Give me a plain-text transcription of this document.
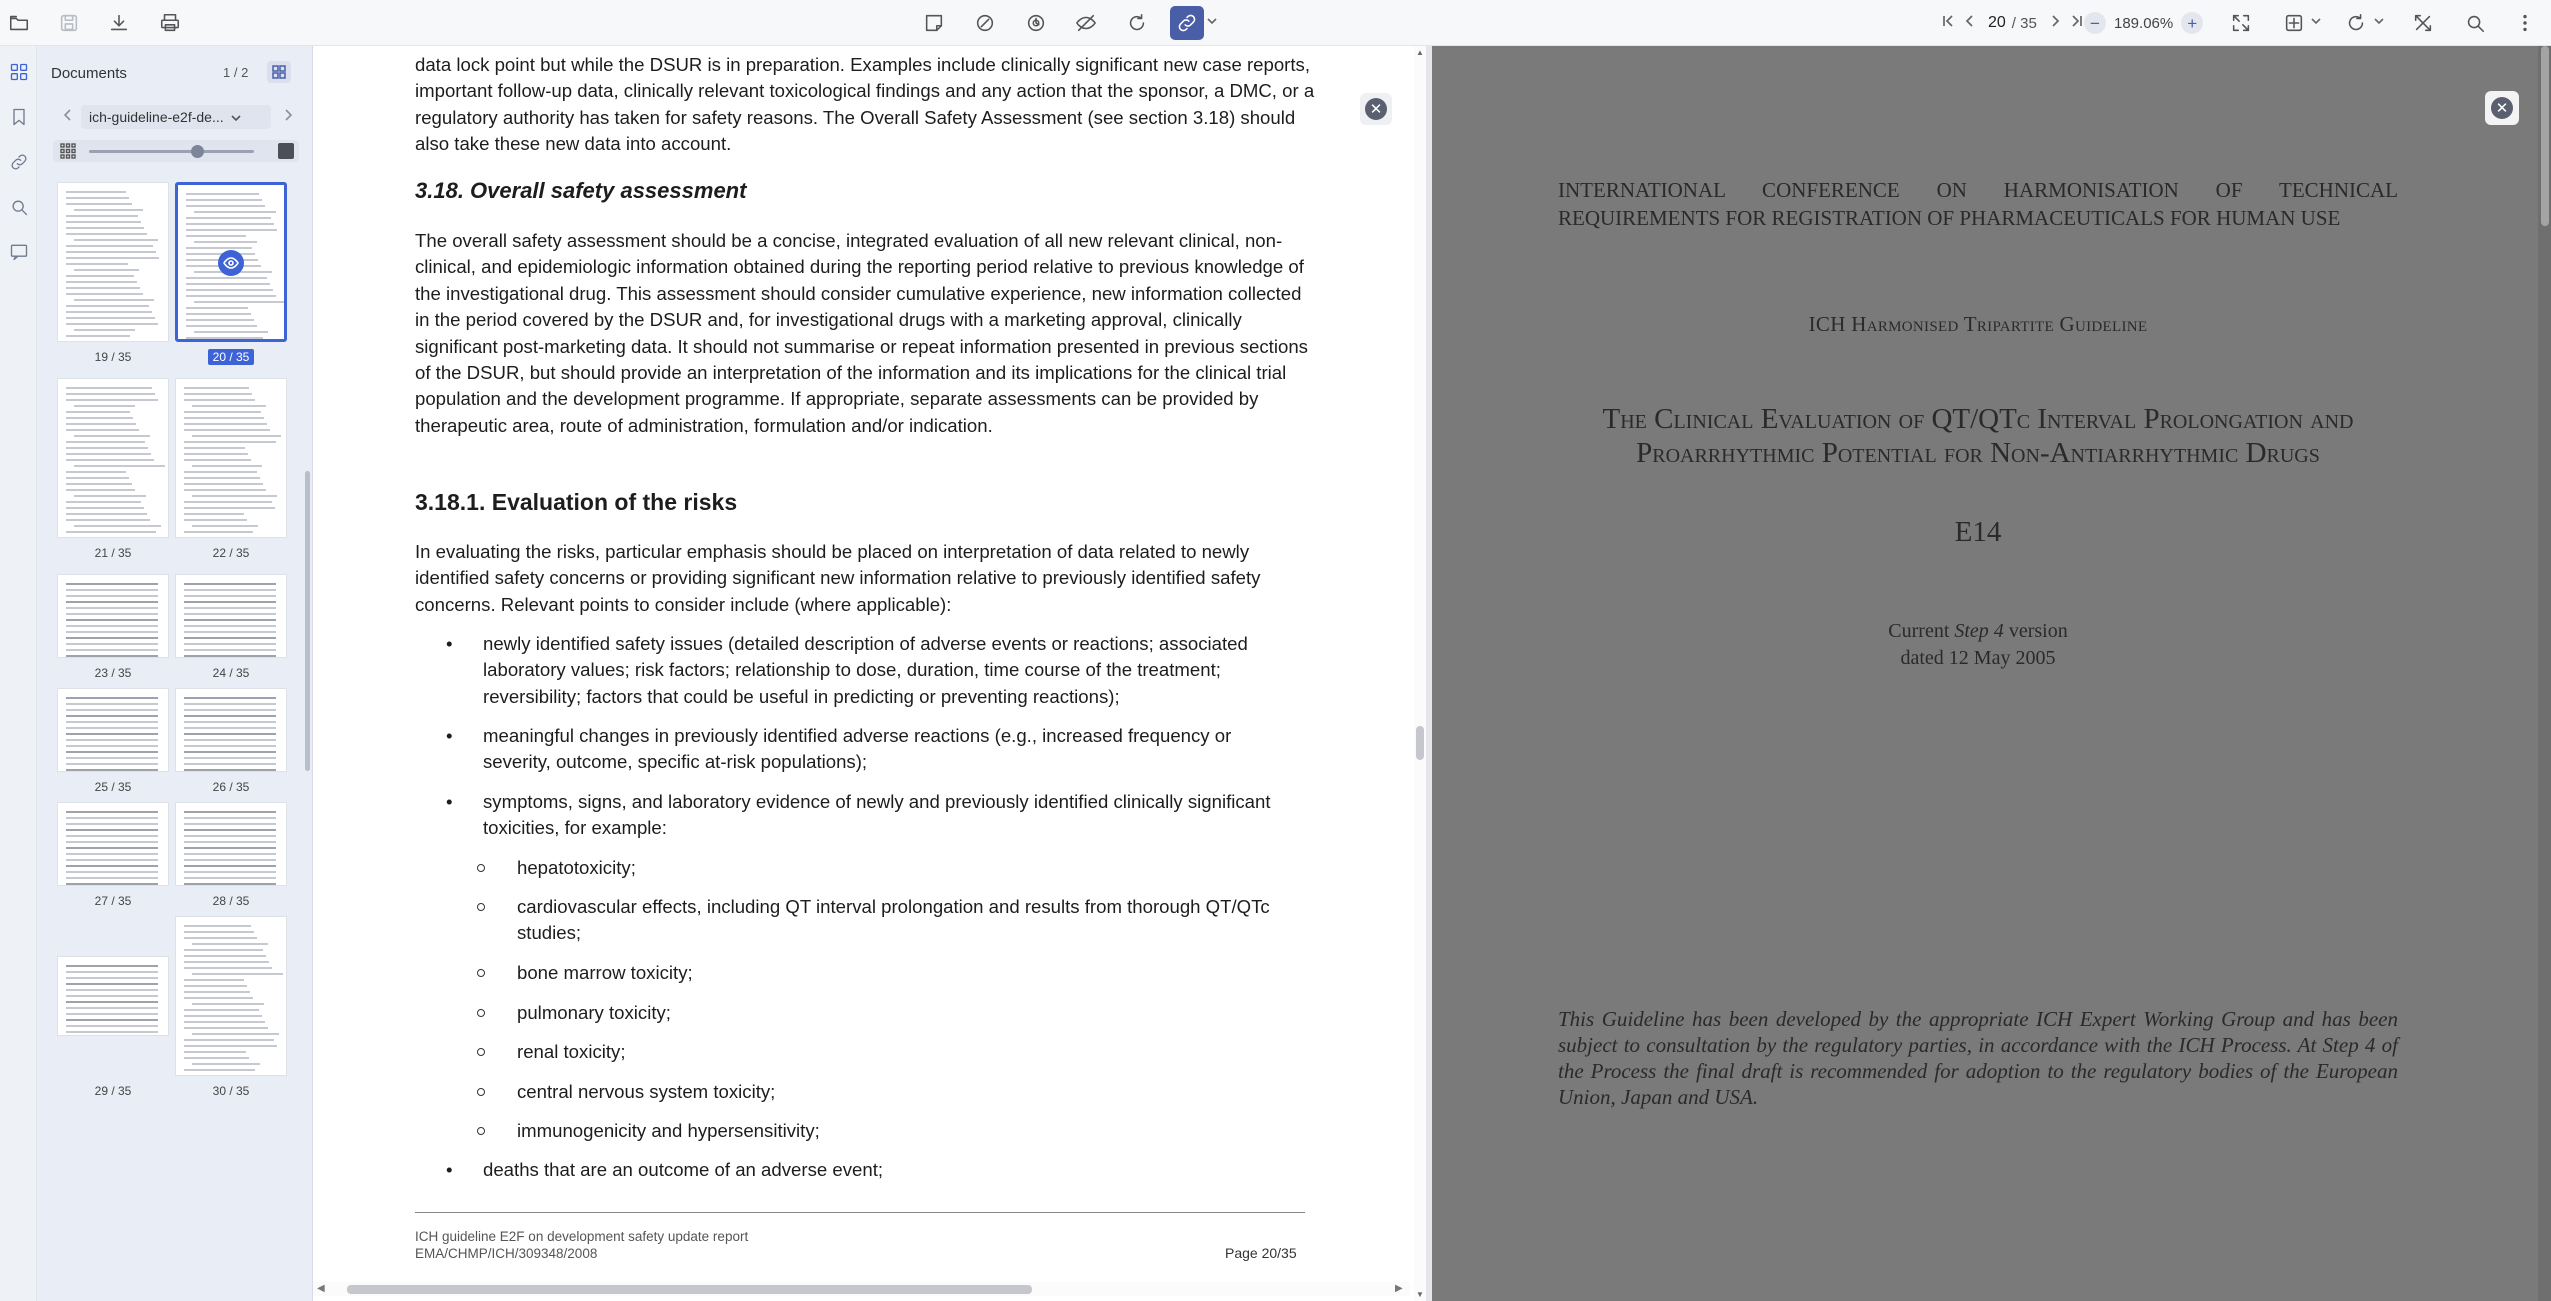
20 / 35	− 189.06% +
Documents	1 / 2
ich-guideline-e2f-de...
19 / 35	20 / 35
21 / 35	22 / 35
23 / 35	24 / 35
25 / 35	26 / 35
27 / 35	28 / 35
29 / 35	30 / 35
data lock point but while the DSUR is in preparation. Examples include clinically significant new case reports, important follow-up data, clinically relevant toxicological findings and any action that the sponsor, a DMC, or a regulatory authority has taken for safety reasons. The Overall Safety Assessment (see section 3.18) should also take these new data into account.
3.18. Overall safety assessment
The overall safety assessment should be a concise, integrated evaluation of all new relevant clinical, non-clinical, and epidemiologic information obtained during the reporting period relative to previous knowledge of the investigational drug. This assessment should consider cumulative experience, new information collected in the period covered by the DSUR and, for investigational drugs with a marketing approval, clinically significant post-marketing data. It should not summarise or repeat information presented in previous sections of the DSUR, but should provide an interpretation of the information and its implications for the clinical trial population and the development programme. If appropriate, separate assessments can be provided by therapeutic area, route of administration, formulation and/or indication.
3.18.1. Evaluation of the risks
In evaluating the risks, particular emphasis should be placed on interpretation of data related to newly identified safety concerns or providing significant new information relative to previously identified safety concerns. Relevant points to consider include (where applicable):
• newly identified safety issues (detailed description of adverse events or reactions; associated laboratory values; risk factors; relationship to dose, duration, time course of the treatment; reversibility; factors that could be useful in predicting or preventing reactions);
• meaningful changes in previously identified adverse reactions (e.g., increased frequency or severity, outcome, specific at-risk populations);
• symptoms, signs, and laboratory evidence of newly and previously identified clinically significant toxicities, for example:
hepatotoxicity;
cardiovascular effects, including QT interval prolongation and results from thorough QT/QTc studies;
bone marrow toxicity;
pulmonary toxicity;
renal toxicity;
central nervous system toxicity;
immunogenicity and hypersensitivity;
• deaths that are an outcome of an adverse event;
ICH guideline E2F on development safety update report
EMA/CHMP/ICH/309348/2008	Page 20/35
✕
▲
▼
◀	▶
INTERNATIONAL CONFERENCE ON HARMONISATION OF TECHNICAL
REQUIREMENTS FOR REGISTRATION OF PHARMACEUTICALS FOR HUMAN USE
ICH Harmonised Tripartite Guideline
The Clinical Evaluation of QT/QTc Interval Prolongation and Proarrhythmic Potential for Non-Antiarrhythmic Drugs
E14
Current Step 4 version
dated 12 May 2005
This Guideline has been developed by the appropriate ICH Expert Working Group and has been subject to consultation by the regulatory parties, in accordance with the ICH Process. At Step 4 of the Process the final draft is recommended for adoption to the regulatory bodies of the European Union, Japan and USA.
✕
